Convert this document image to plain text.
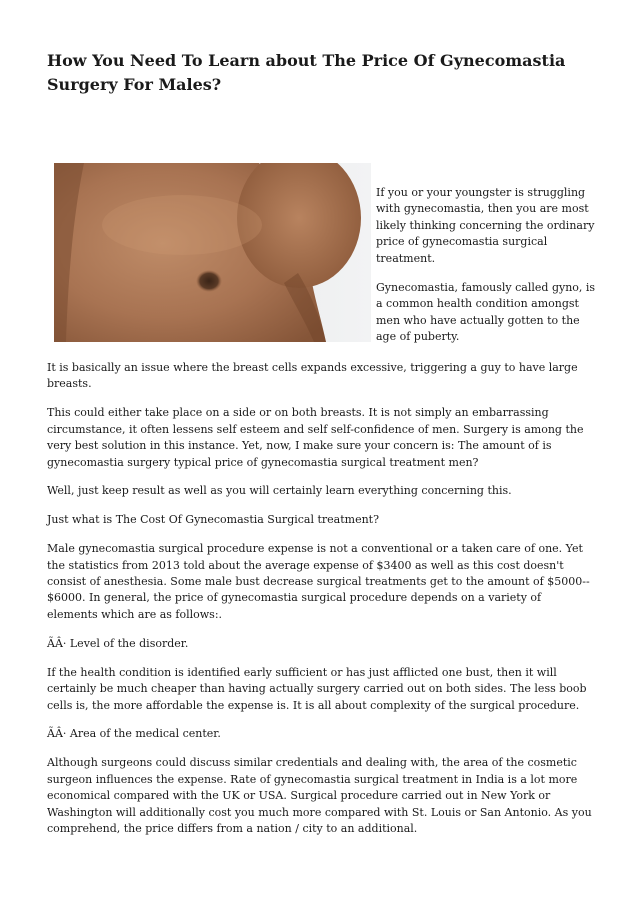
How You Need To Learn about The Price Of Gynecomastia Surgery For Males?

If you or your youngster is struggling with gynecomastia, then you are most likely thinking concerning the ordinary price of gynecomastia surgical treatment.

Gynecomastia, famously called gyno, is a common health condition amongst men who have actually gotten to the age of puberty.

It is basically an issue where the breast cells expands excessive, triggering a guy to have large breasts.

This could either take place on a side or on both breasts. It is not simply an embarrassing circumstance, it often lessens self esteem and self self-confidence of men. Surgery is among the very best solution in this instance. Yet, now, I make sure your concern is: The amount of is gynecomastia surgery typical price of gynecomastia surgical treatment men?

Well, just keep result as well as you will certainly learn everything concerning this.

Just what is The Cost Of Gynecomastia Surgical treatment?

Male gynecomastia surgical procedure expense is not a conventional or a taken care of one. Yet the statistics from 2013 told about the average expense of $3400 as well as this cost doesn't consist of anesthesia. Some male bust decrease surgical treatments get to the amount of $5000-- $6000. In general, the price of gynecomastia surgical procedure depends on a variety of elements which are as follows:.

ÃÂ· Level of the disorder.

If the health condition is identified early sufficient or has just afflicted one bust, then it will certainly be much cheaper than having actually surgery carried out on both sides. The less boob cells is, the more affordable the expense is. It is all about complexity of the surgical procedure.

ÃÂ· Area of the medical center.

Although surgeons could discuss similar credentials and dealing with, the area of the cosmetic surgeon influences the expense. Rate of gynecomastia surgical treatment in India is a lot more economical compared with the UK or USA. Surgical procedure carried out in New York or Washington will additionally cost you much more compared with St. Louis or San Antonio. As you comprehend, the price differs from a nation / city to an additional.
